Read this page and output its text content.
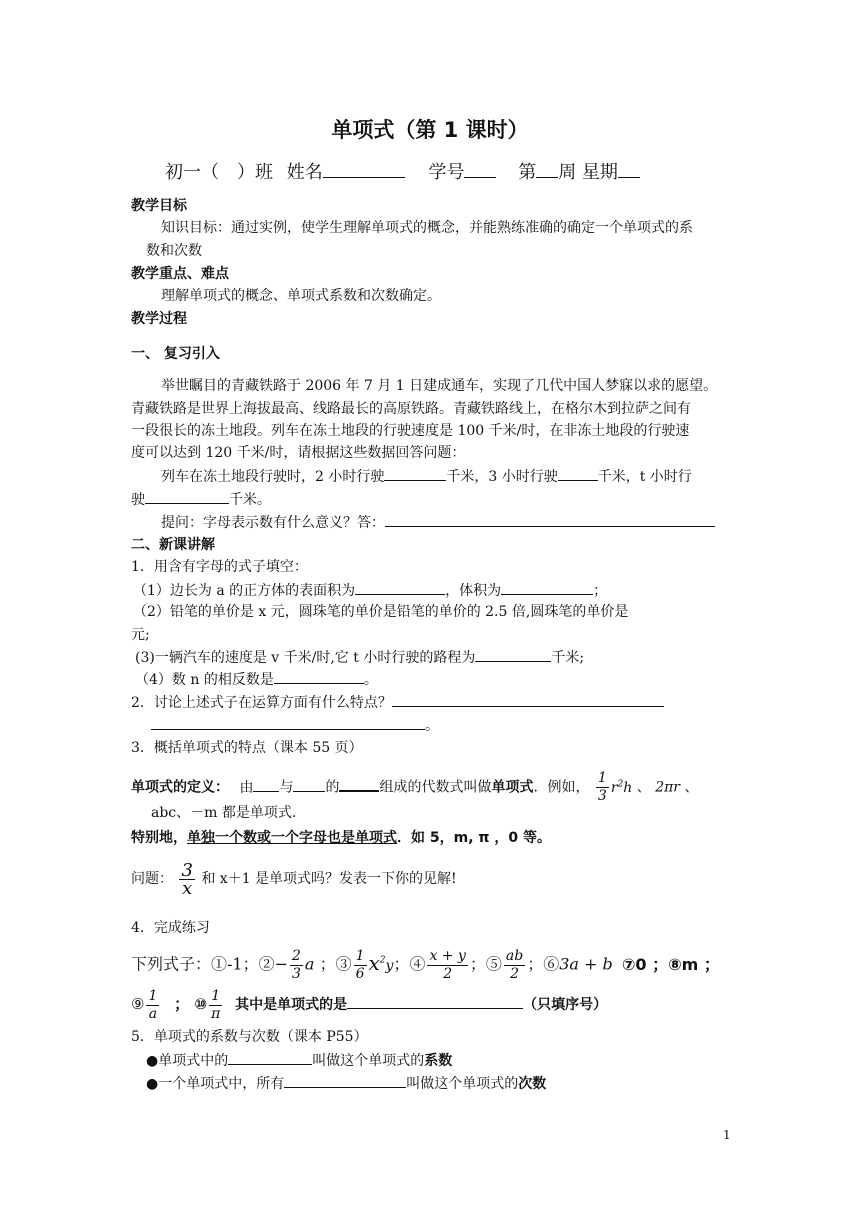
单项式（第 1 课时）
初一（　）班 姓名	学号	第 周 星期
教学目标
知识目标：通过实例，使学生理解单项式的概念，并能熟练准确的确定一个单项式的系
数和次数
教学重点、难点
理解单项式的概念、单项式系数和次数确定。
教学过程
一、 复习引入
举世瞩目的青藏铁路于 2006 年 7 月 1 日建成通车，实现了几代中国人梦寐以求的愿望。
青藏铁路是世界上海拔最高、线路最长的高原铁路。青藏铁路线上，在格尔木到拉萨之间有
一段很长的冻土地段。列车在冻土地段的行驶速度是 100 千米/时，在非冻土地段的行驶速
度可以达到 120 千米/时，请根据这些数据回答问题：
列车在冻土地段行驶时，2 小时行驶	千米，3 小时行驶	千米，t 小时行
驶	千米。
提问：字母表示数有什么意义？答：
二、新课讲解
1．用含有字母的式子填空：
（1）边长为 a 的正方体的表面积为	，体积为	；
（2）铅笔的单价是 x 元，圆珠笔的单价是铅笔的单价的 2.5 倍,圆珠笔的单价是
元;
(3)一辆汽车的速度是 v 千米/时,它 t 小时行驶的路程为	千米;
（4）数 n 的相反数是	。
2．讨论上述式子在运算方面有什么特点？
。
3．概括单项式的特点（课本 55 页）
单项式的定义： 由 与 的	组成的代数式叫做单项式．例如， $\frac{1}{3} r^2h$ 、 2πr 、
abc、－m 都是单项式.
特别地，单独一个数或一个字母也是单项式．如 5，m, π ，0 等。
问题： $\frac{3}{x}$ 和 x＋1 是单项式吗？发表一下你的见解!
4．完成练习
下列式子：①-1；②− $\frac{2}{3}$ a ；③ $\frac{1}{6} x^2y$；④ $\frac{x + y}{2}$ ；⑤ $\frac{ab}{2}$ ；⑥3a + b ⑦0 ；⑧m ；
⑨ $\frac{1}{a}$ ； ⑩ $\frac{1}{\pi}$ 其中是单项式的是	（只填序号）
5．单项式的系数与次数（课本 P55）
●单项式中的	叫做这个单项式的系数
●一个单项式中，所有	叫做这个单项式的次数
1
